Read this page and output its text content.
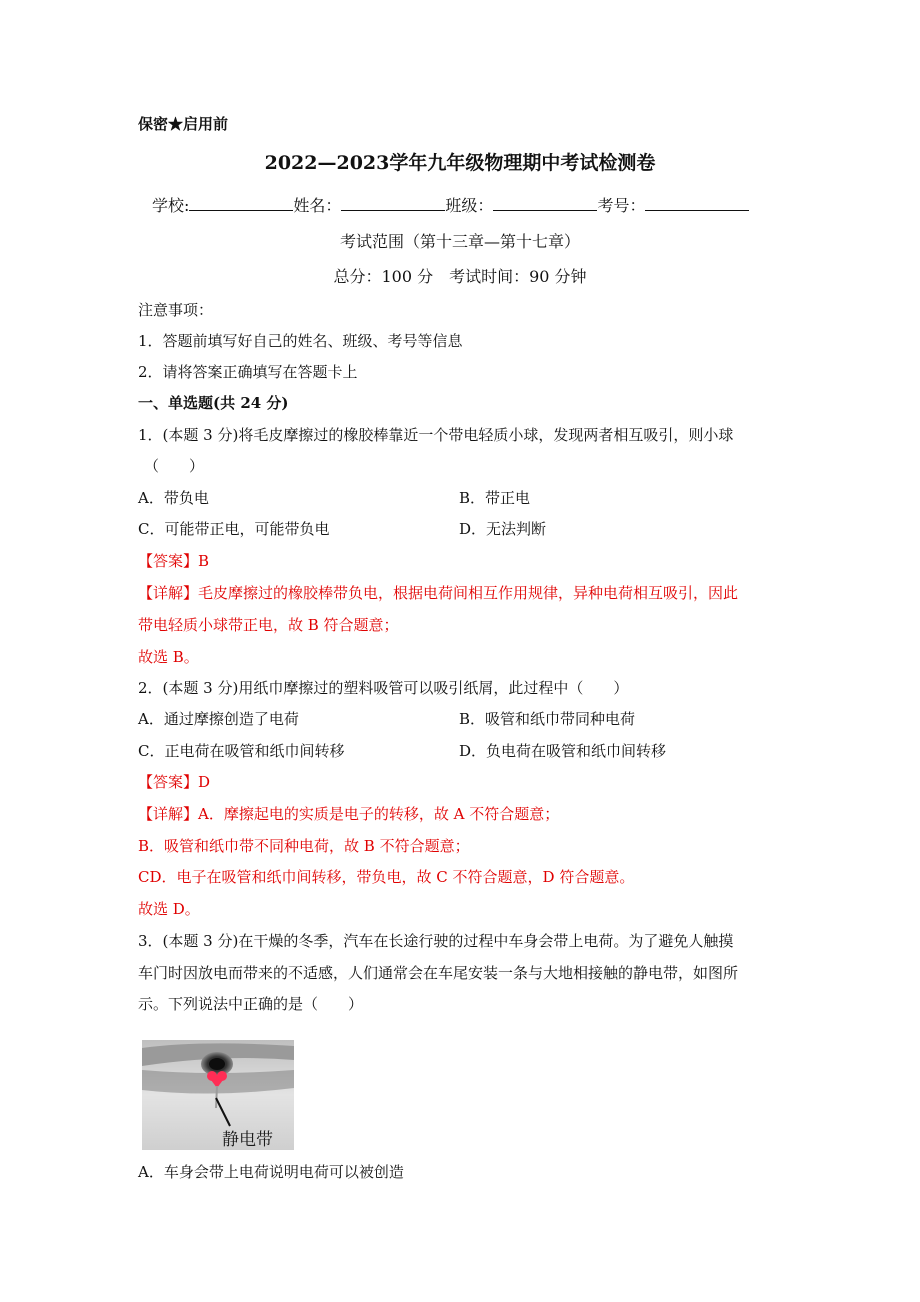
保密★启用前
2022—2023学年九年级物理期中考试检测卷
学校:	姓名：	班级：	考号：
考试范围（第十三章—第十七章）
总分：100 分　考试时间：90 分钟
注意事项：
1．答题前填写好自己的姓名、班级、考号等信息
2．请将答案正确填写在答题卡上
一、单选题(共 24 分)
1．(本题 3 分)将毛皮摩擦过的橡胶棒靠近一个带电轻质小球，发现两者相互吸引，则小球
（　　）
A．带负电	B．带正电
C．可能带正电，可能带负电	D．无法判断
【答案】B
【详解】毛皮摩擦过的橡胶棒带负电，根据电荷间相互作用规律，异种电荷相互吸引，因此
带电轻质小球带正电，故 B 符合题意；
故选 B。
2．(本题 3 分)用纸巾摩擦过的塑料吸管可以吸引纸屑，此过程中（　　）
A．通过摩擦创造了电荷	B．吸管和纸巾带同种电荷
C．正电荷在吸管和纸巾间转移	D．负电荷在吸管和纸巾间转移
【答案】D
【详解】A．摩擦起电的实质是电子的转移，故 A 不符合题意；
B．吸管和纸巾带不同种电荷，故 B 不符合题意；
CD．电子在吸管和纸巾间转移，带负电，故 C 不符合题意，D 符合题意。
故选 D。
3．(本题 3 分)在干燥的冬季，汽车在长途行驶的过程中车身会带上电荷。为了避免人触摸
车门时因放电而带来的不适感，人们通常会在车尾安装一条与大地相接触的静电带，如图所
示。下列说法中正确的是（　　）
静电带
A．车身会带上电荷说明电荷可以被创造
